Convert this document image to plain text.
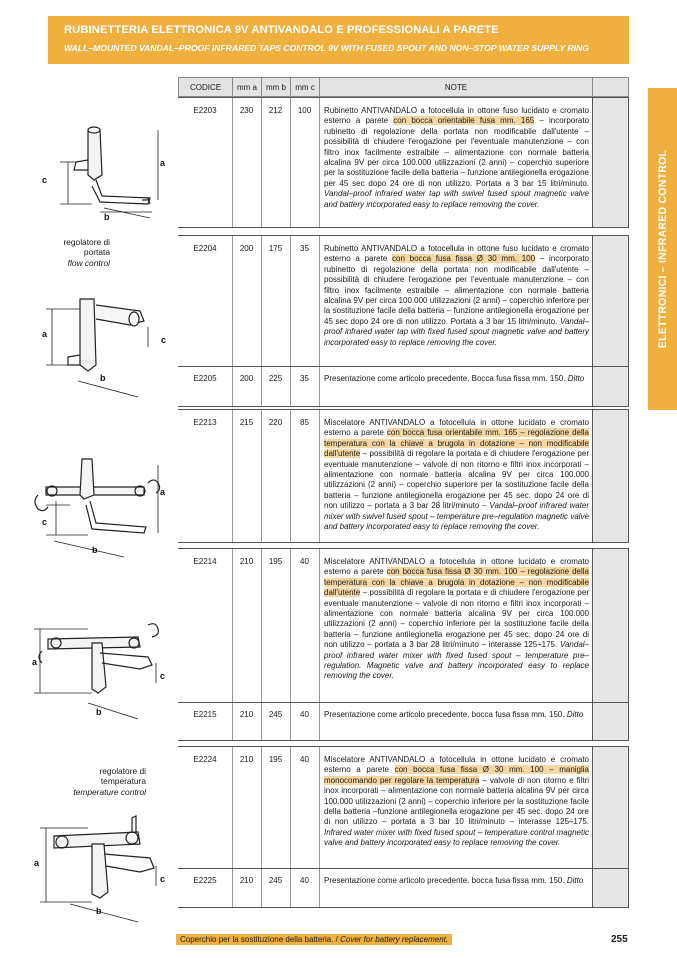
RUBINETTERIA ELETTRONICA 9V ANTIVANDALO E PROFESSIONALI A PARETE
WALL–MOUNTED VANDAL–PROOF INFRARED TAPS CONTROL 9V WITH FUSED SPOUT AND NON–STOP WATER SUPPLY RING
ELETTRONICI – INFRARED CONTROL
CODICE	mm a	mm b	mm c	NOTE
E2203	230	212	100	Rubinetto ANTIVANDALO a fotocellula in ottone fuso lucidato e cromato esterno a parete con bocca orientabile fusa mm. 165 – incorporato rubinetto di regolazione della portata non modificabile dall'utente – possibilità di chiudere l'erogazione per l'eventuale manutenzione – con filtro inox facilmente estraibile – alimentazione con normale batteria alcalina 9V per circa 100.000 utilizzazioni (2 anni) – coperchio superiore per la sostituzione facile della batteria – funzione antilegionella erogazione per 45 sec dopo 24 ore di non utilizzo. Portata a 3 bar 15 litri/minuto. Vandal–proof infrared water tap with swivel fused spout magnetic valve and battery incorporated easy to replace removing the cover.
E2204	200	175	35	Rubinetto ANTIVANDALO a fotocellula in ottone fuso lucidato e cromato esterno a parete con bocca fusa fissa Ø 30 mm. 100 – incorporato rubinetto di regolazione della portata non modificabile dall'utente – possibilità di chiudere l'erogazione per l'eventuale manutenzione – con filtro inox facilmente estraibile – alimentazione con normale batteria alcalina 9V per circa 100.000 utilizzazioni (2 anni) – coperchio inferiore per la sostituzione facile della batteria – funzione antilegionella erogazione per 45 sec dopo 24 ore di non utilizzo. Portata a 3 bar 15 litri/minuto. Vandal–proof infrared water tap with fixed fused spout magnetic valve and battery incorporated easy to replace removing the cover.
E2205	200	225	35	Presentazione come articolo precedente. Bocca fusa fissa mm. 150. Ditto
E2213	215	220	85	Miscelatore ANTIVANDALO a fotocellula in ottone lucidato e cromato esterno a parete con bocca fusa orientabile mm. 165 – regolazione della temperatura con la chiave a brugola in dotazione – non modificabile dall'utente – possibilità di regolare la portata e di chiudere l'erogazione per eventuale manutenzione – valvole di non ritorno e filtri inox incorporati – alimentazione con normale batteria alcalina 9V per circa 100.000 utilizzazioni (2 anni) – coperchio superiore per la sostituzione facile della batteria – funzione antilegionella erogazione per 45 sec. dopo 24 ore di non utilizzo – portata a 3 bar 28 litri/minuto – Vandal–proof infrared water mixer with swivel fused spout – temperature pre–regulation magnetic valve and battery incorporated easy to replace removing the cover.
E2214	210	195	40	Miscelatore ANTIVANDALO a fotocellula in ottone lucidato e cromato esterno a parete con bocca fusa fissa Ø 30 mm. 100 – regolazione della temperatura con la chiave a brugola in dotazione – non modificabile dall'utente – possibilità di regolare la portata e di chiudere l'erogazione per eventuale manutenzione – valvole di non ritorno e filtri inox incorporati – alimentazione con normale batteria alcalina 9V per circa 100.000 utilizzazioni (2 anni) – coperchio inferiore per la sostituzione facile della batteria – funzione antilegionella erogazione per 45 sec. dopo 24 ore di non utilizzo – portata a 3 bar 28 litri/minuto – interasse 125÷175. Vandal–proof infrared water mixer with fixed fused spout – temperature pre–regulation. Magnetic valve and battery incorporated easy to replace removing the cover.
E2215	210	245	40	Presentazione come articolo precedente. bocca fusa fissa mm. 150. Ditto
E2224	210	195	40	Miscelatore ANTIVANDALO a fotocellula in ottone lucidato e cromato esterno a parete con bocca fusa fissa Ø 30 mm. 100 – maniglia monocomando per regolare la temperatura – valvole di non ritorno e filtri inox incorporati – alimentazione con normale batteria alcalina 9V per circa 100.000 utilizzazioni (2 anni) – coperchio inferiore per la sostituzione facile della batteria –funzione antilegionella erogazione per 45 sec. dopo 24 ore di non utilizzo – portata a 3 bar 10 litri/minuto – interasse 125÷175. Infrared water mixer with fixed fused spout – temperature control magnetic valve and battery incorporated easy to replace removing the cover.
E2225	210	245	40	Presentazione come articolo precedente. bocca fusa fissa mm. 150. Ditto
regolatore di portata
flow control
regolatore di temperatura
temperature control
a
c
b
a
c
b
a
c
b
a
c
b
a
c
b
Coperchio per la sostituzione della batteria. / Cover for battery replacement.	255
